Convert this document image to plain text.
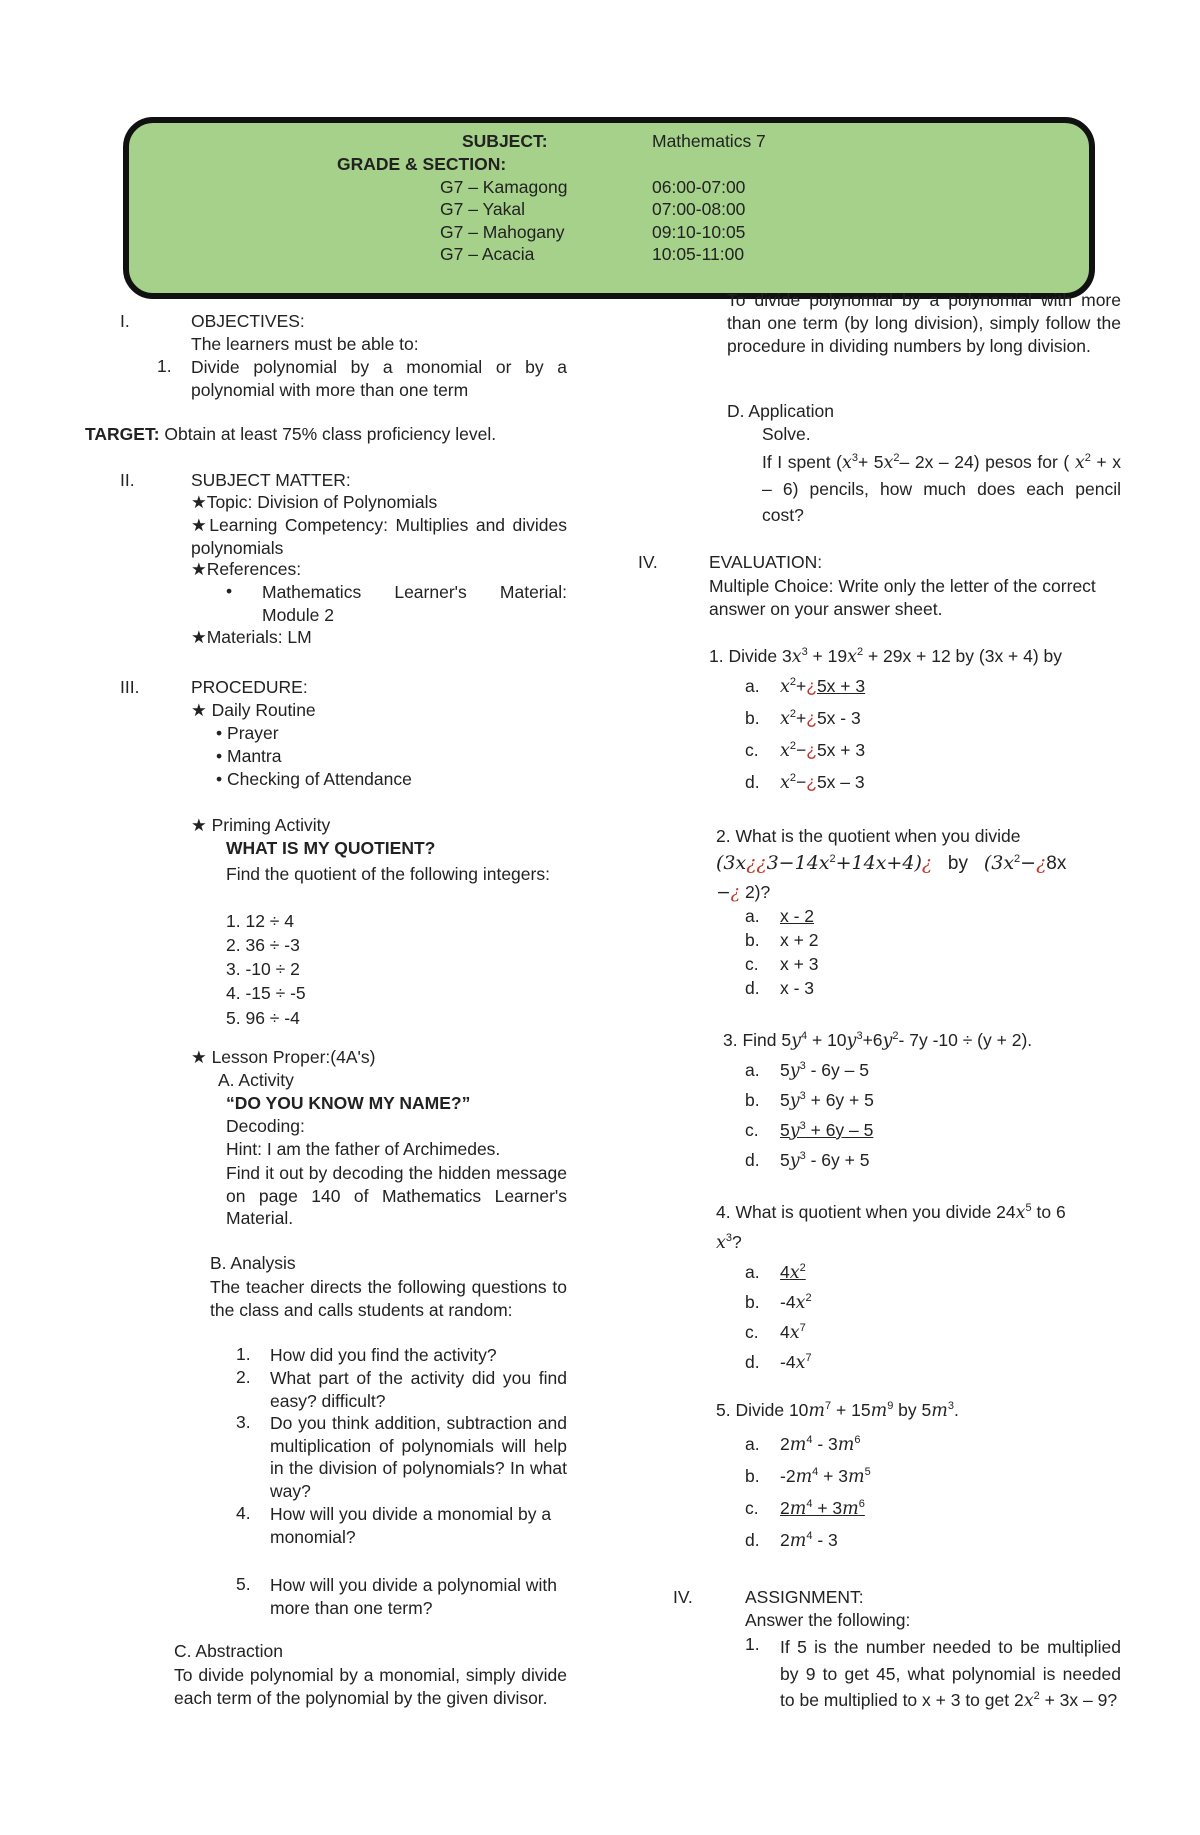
SUBJECT:	Mathematics 7
GRADE & SECTION:
G7 – Kamagong	06:00-07:00
G7 – Yakal	07:00-08:00
G7 – Mahogany	09:10-10:05
G7 – Acacia	10:05-11:00
I.	OBJECTIVES:
The learners must be able to:
1. Divide polynomial by a monomial or by a polynomial with more than one term
TARGET: Obtain at least 75% class proficiency level.
II.	SUBJECT MATTER:
★Topic: Division of Polynomials
★Learning Competency: Multiplies and divides polynomials
★References:
• Mathematics Learner's Material: Module 2
★Materials: LM
III.	PROCEDURE:
★ Daily Routine
• Prayer
• Mantra
• Checking of Attendance
★ Priming Activity
WHAT IS MY QUOTIENT?
Find the quotient of the following integers:
1. 12 ÷ 4
2. 36 ÷ -3
3. -10 ÷ 2
4. -15 ÷ -5
5. 96 ÷ -4
★ Lesson Proper:(4A's)
A. Activity
“DO YOU KNOW MY NAME?”
Decoding:
Hint: I am the father of Archimedes.
Find it out by decoding the hidden message on page 140 of Mathematics Learner's Material.
B. Analysis
The teacher directs the following questions to the class and calls students at random:
1. How did you find the activity?
2. What part of the activity did you find easy? difficult?
3. Do you think addition, subtraction and multiplication of polynomials will help in the division of polynomials? In what way?
4. How will you divide a monomial by a monomial?
5. How will you divide a polynomial with more than one term?
C. Abstraction
To divide polynomial by a monomial, simply divide each term of the polynomial by the given divisor.
To divide polynomial by a polynomial with more than one term (by long division), simply follow the procedure in dividing numbers by long division.
D. Application
Solve.
If I spent ($x^3+ 5x^2-$ 2x – 24) pesos for ( $x^2 + x - 6$) pencils, how much does each pencil cost?
IV.	EVALUATION:
Multiple Choice: Write only the letter of the correct answer on your answer sheet.
1. Divide $3x^3 + 19x^2 + 29x + 12$ by (3x + 4) by
a. $x^2+¿5x + 3$
b. $x^2+¿5x - 3$
c. $x^2-¿5x + 3$
d. $x^2-¿5x - 3$
2. What is the quotient when you divide
$(3x¿¿3-14x^2+14x+4)¿$ by ($3x^2-¿8x$
−¿ 2)?
a. x - 2
b. x + 2
c. x + 3
d. x - 3
3. Find $5y^4 + 10y^3+6y^2-$ 7y -10 ÷ (y + 2).
a. $5y^3 - 6y - 5$
b. $5y^3 + 6y + 5$
c. $5y^3 + 6y - 5$
d. $5y^3 - 6y + 5$
4. What is quotient when you divide $24x^5$ to 6
$x^3$?
a. $4x^2$
b. $-4x^2$
c. $4x^7$
d. $-4x^7$
5. Divide $10m^7 + 15m^9$ by $5m^3$.
a. $2m^4 - 3m^6$
b. $-2m^4 + 3m^5$
c. $2m^4 + 3m^6$
d. $2m^4 - 3$
IV.	ASSIGNMENT:
Answer the following:
1. If 5 is the number needed to be multiplied by 9 to get 45, what polynomial is needed to be multiplied to x + 3 to get $2x^2 + 3x - 9$?
